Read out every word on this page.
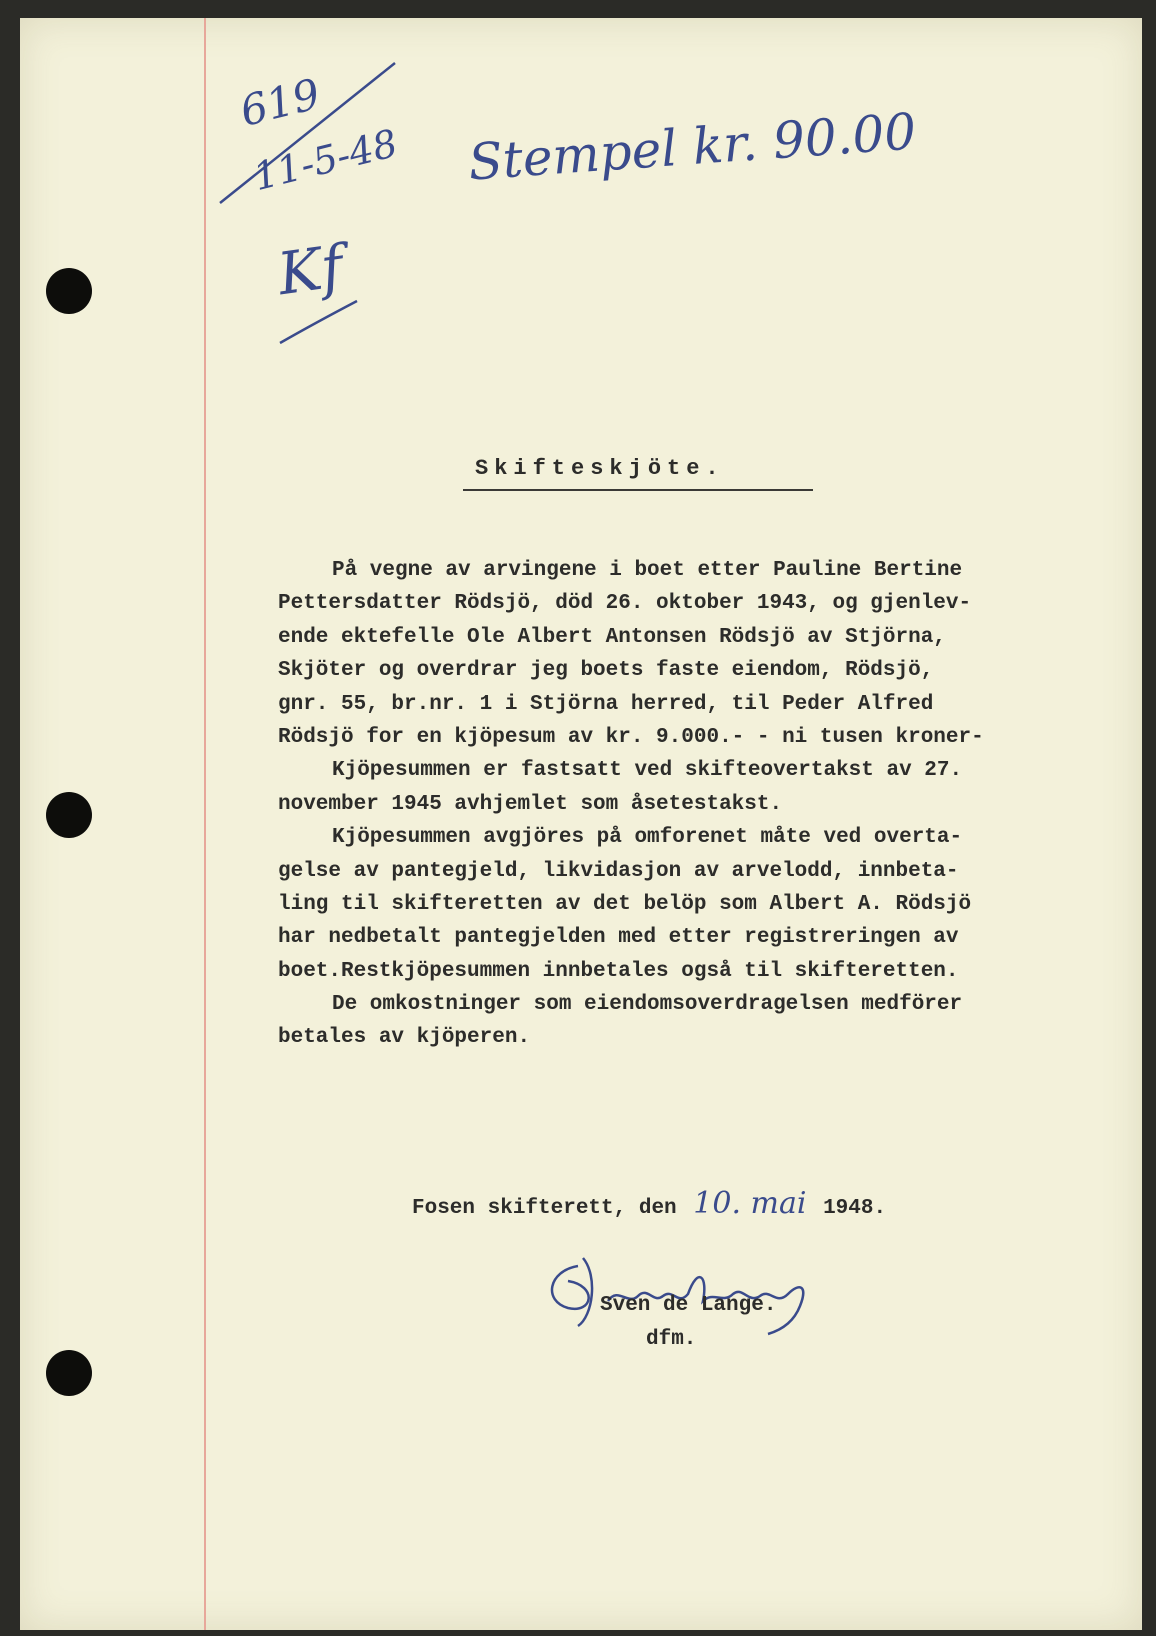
619
11-5-48
Kf
Stempel kr. 90.00
Skifteskjöte.
På vegne av arvingene i boet etter Pauline Bertine
Pettersdatter Rödsjö, död 26. oktober 1943, og gjenlev-
ende ektefelle Ole Albert Antonsen Rödsjö av Stjörna,
Skjöter og overdrar jeg boets faste eiendom, Rödsjö,
gnr. 55, br.nr. 1 i Stjörna herred, til Peder Alfred
Rödsjö for en kjöpesum av kr. 9.000.- - ni tusen kroner-
Kjöpesummen er fastsatt ved skifteovertakst av 27.
november 1945 avhjemlet som åsetestakst.
Kjöpesummen avgjöres på omforenet måte ved overta-
gelse av pantegjeld, likvidasjon av arvelodd, innbeta-
ling til skifteretten av det belöp som Albert A. Rödsjö
har nedbetalt pantegjelden med etter registreringen av
boet.Restkjöpesummen innbetales også til skifteretten.
De omkostninger som eiendomsoverdragelsen medförer
betales av kjöperen.
Fosen skifterett, den 10. mai 1948.
Sven de Lange.
dfm.
